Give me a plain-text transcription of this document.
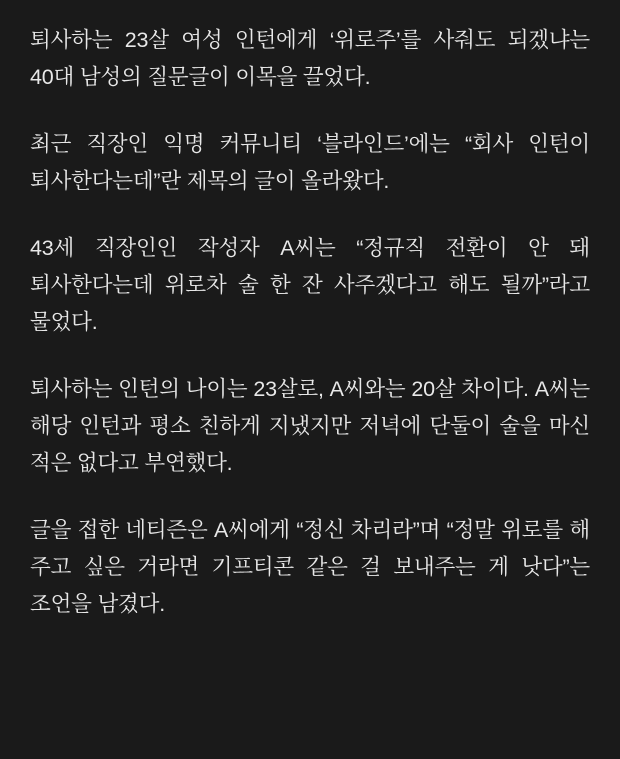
퇴사하는 23살 여성 인턴에게 ‘위로주’를 사줘도 되겠냐는 40대 남성의 질문글이 이목을 끌었다.

최근 직장인 익명 커뮤니티 ‘블라인드’에는 “회사 인턴이 퇴사한다는데”란 제목의 글이 올라왔다.

43세 직장인인 작성자 A씨는 “정규직 전환이 안 돼 퇴사한다는데 위로차 술 한 잔 사주겠다고 해도 될까”라고 물었다.

퇴사하는 인턴의 나이는 23살로, A씨와는 20살 차이다. A씨는 해당 인턴과 평소 친하게 지냈지만 저녁에 단둘이 술을 마신 적은 없다고 부연했다.

글을 접한 네티즌은 A씨에게 “정신 차리라”며 “정말 위로를 해 주고 싶은 거라면 기프티콘 같은 걸 보내주는 게 낫다”는 조언을 남겼다.
